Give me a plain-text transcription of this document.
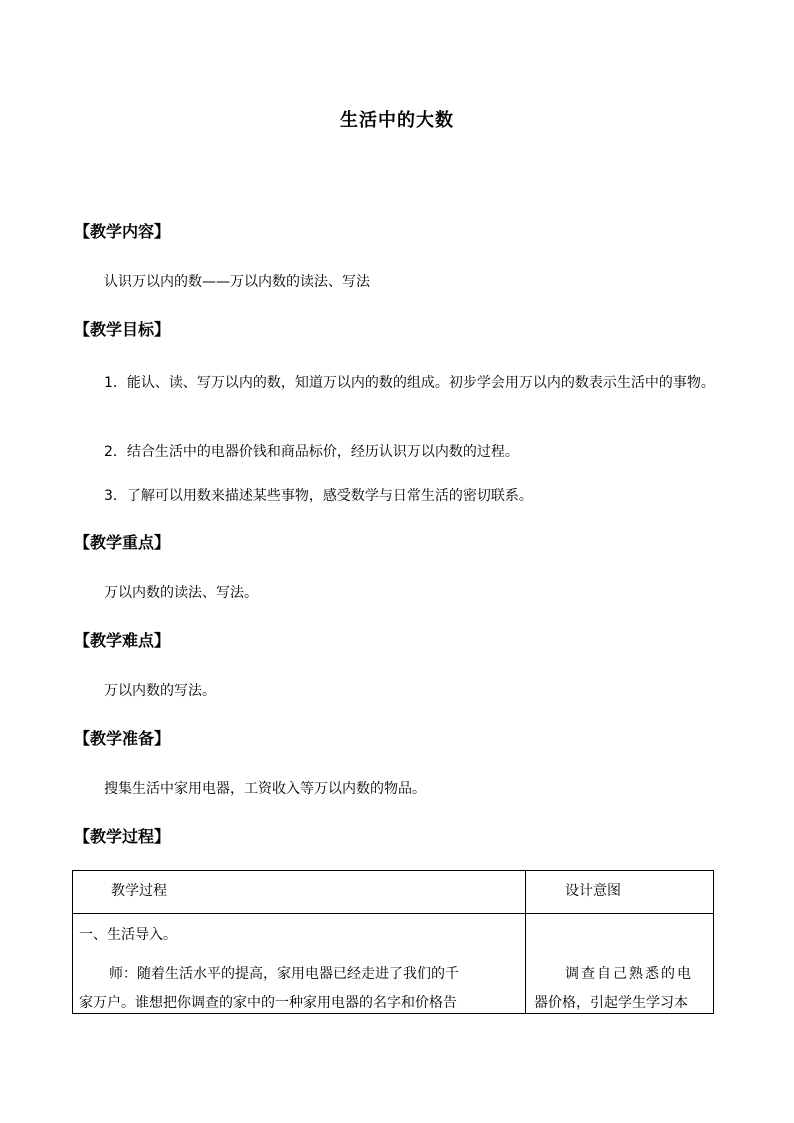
生活中的大数
【教学内容】
认识万以内的数——万以内数的读法、写法
【教学目标】
1．能认、读、写万以内的数，知道万以内的数的组成。初步学会用万以内的数表示生活中的事物。
2．结合生活中的电器价钱和商品标价，经历认识万以内数的过程。
3．了解可以用数来描述某些事物，感受数学与日常生活的密切联系。
【教学重点】
万以内数的读法、写法。
【教学难点】
万以内数的写法。
【教学准备】
搜集生活中家用电器，工资收入等万以内数的物品。
【教学过程】
教学过程	设计意图
一、生活导入。
师：随着生活水平的提高，家用电器已经走进了我们的千
家万户。谁想把你调查的家中的一种家用电器的名字和价格告
调查自己熟悉的电
器价格，引起学生学习本
